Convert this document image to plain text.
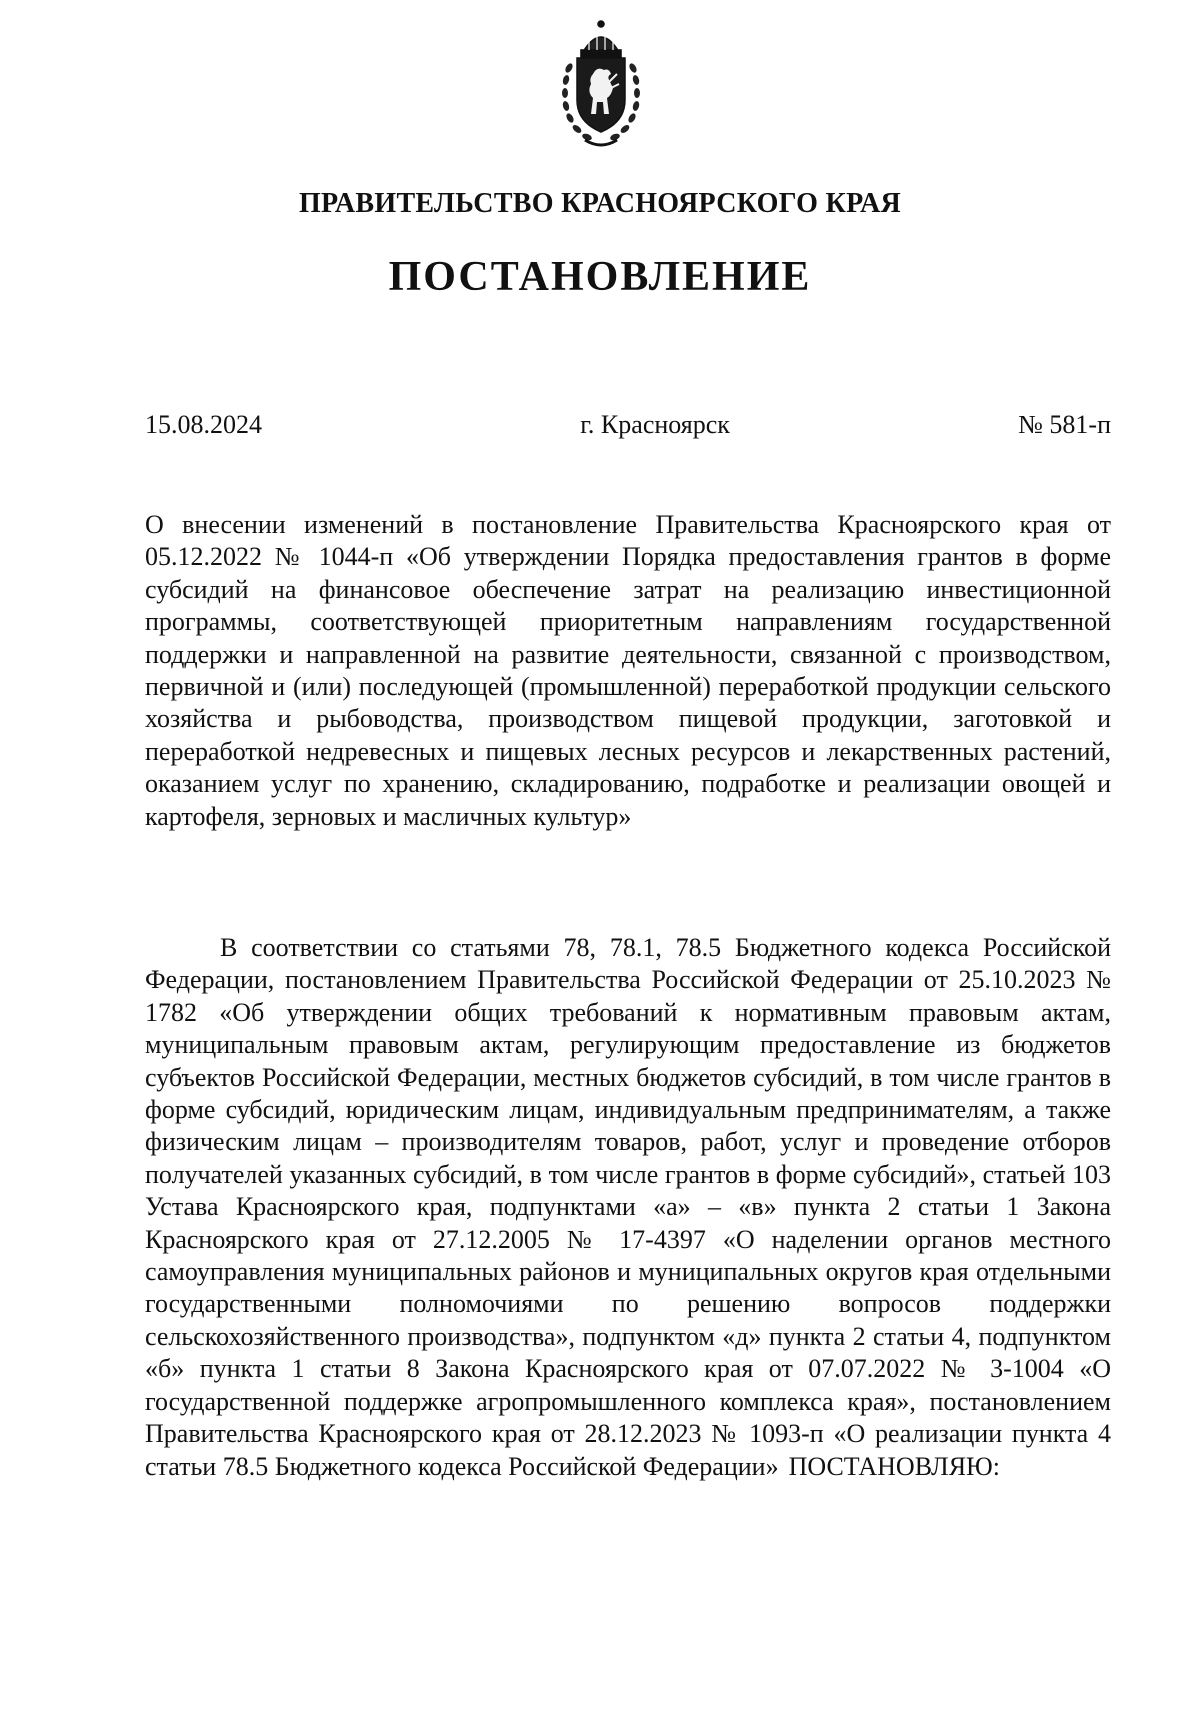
ПРАВИТЕЛЬСТВО КРАСНОЯРСКОГО КРАЯ
ПОСТАНОВЛЕНИЕ
15.08.2024	г. Красноярск	№ 581-п
О внесении изменений в постановление Правительства Красноярского края от 05.12.2022 № 1044-п «Об утверждении Порядка предоставления грантов в форме субсидий на финансовое обеспечение затрат на реализацию инвестиционной программы, соответствующей приоритетным направлениям государственной поддержки и направленной на развитие деятельности, связанной с производством, первичной и (или) последующей (промышленной) переработкой продукции сельского хозяйства и рыбоводства, производством пищевой продукции, заготовкой и переработкой недревесных и пищевых лесных ресурсов и лекарственных растений, оказанием услуг по хранению, складированию, подработке и реализации овощей и картофеля, зерновых и масличных культур»

В соответствии со статьями 78, 78.1, 78.5 Бюджетного кодекса Российской Федерации, постановлением Правительства Российской Федерации от 25.10.2023 № 1782 «Об утверждении общих требований к нормативным правовым актам, муниципальным правовым актам, регулирующим предоставление из бюджетов субъектов Российской Федерации, местных бюджетов субсидий, в том числе грантов в форме субсидий, юридическим лицам, индивидуальным предпринимателям, а также физическим лицам – производителям товаров, работ, услуг и проведение отборов получателей указанных субсидий, в том числе грантов в форме субсидий», статьей 103 Устава Красноярского края, подпунктами «а» – «в» пункта 2 статьи 1 Закона Красноярского края от 27.12.2005 № 17-4397 «О наделении органов местного самоуправления муниципальных районов и муниципальных округов края отдельными государственными полномочиями по решению вопросов поддержки сельскохозяйственного производства», подпунктом «д» пункта 2 статьи 4, подпунктом «б» пункта 1 статьи 8 Закона Красноярского края от 07.07.2022 № 3-1004 «О государственной поддержке агропромышленного комплекса края», постановлением Правительства Красноярского края от 28.12.2023 № 1093-п «О реализации пункта 4 статьи 78.5 Бюджетного кодекса Российской Федерации» ПОСТАНОВЛЯЮ:
